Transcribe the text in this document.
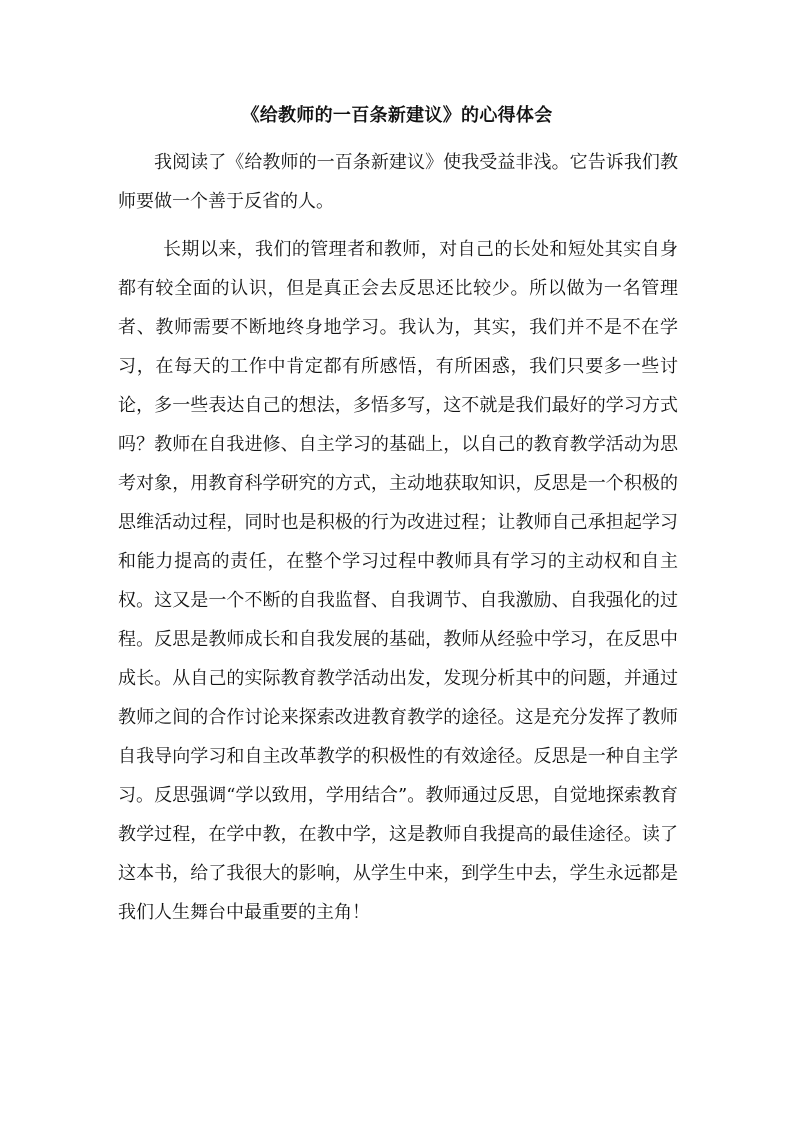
《给教师的一百条新建议》的心得体会

我阅读了《给教师的一百条新建议》使我受益非浅。它告诉我们教师要做一个善于反省的人。

长期以来，我们的管理者和教师，对自己的长处和短处其实自身都有较全面的认识，但是真正会去反思还比较少。所以做为一名管理者、教师需要不断地终身地学习。我认为，其实，我们并不是不在学习，在每天的工作中肯定都有所感悟，有所困惑，我们只要多一些讨论，多一些表达自己的想法，多悟多写，这不就是我们最好的学习方式吗？教师在自我进修、自主学习的基础上，以自己的教育教学活动为思考对象，用教育科学研究的方式，主动地获取知识，反思是一个积极的思维活动过程，同时也是积极的行为改进过程；让教师自己承担起学习和能力提高的责任，在整个学习过程中教师具有学习的主动权和自主权。这又是一个不断的自我监督、自我调节、自我激励、自我强化的过程。反思是教师成长和自我发展的基础，教师从经验中学习，在反思中成长。从自己的实际教育教学活动出发，发现分析其中的问题，并通过教师之间的合作讨论来探索改进教育教学的途径。这是充分发挥了教师自我导向学习和自主改革教学的积极性的有效途径。反思是一种自主学习。反思强调“学以致用，学用结合”。教师通过反思，自觉地探索教育教学过程，在学中教，在教中学，这是教师自我提高的最佳途径。读了这本书，给了我很大的影响，从学生中来，到学生中去，学生永远都是我们人生舞台中最重要的主角！
